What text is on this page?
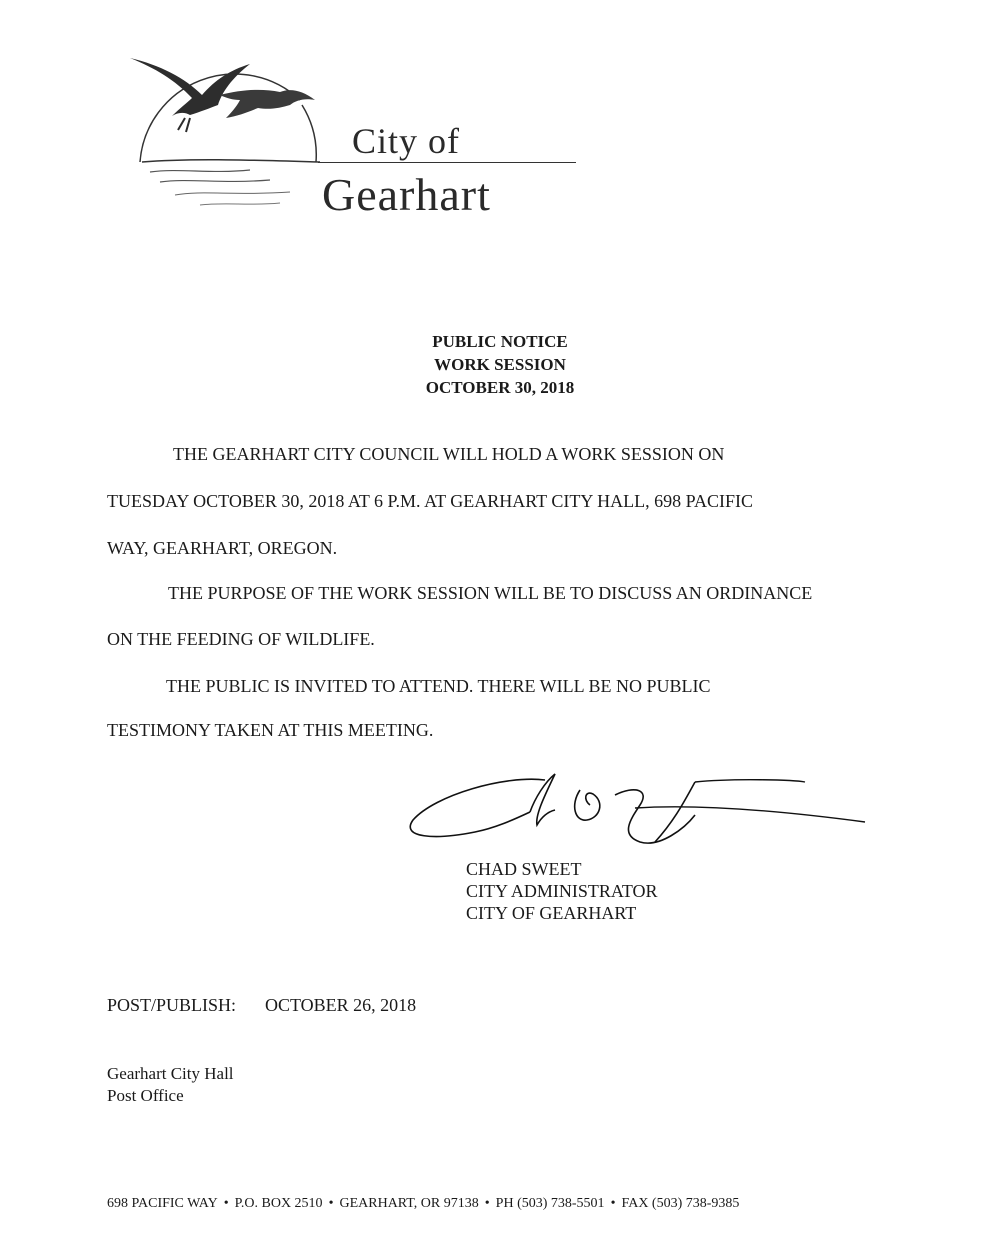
City of
Gearhart
PUBLIC NOTICE
WORK SESSION
OCTOBER 30, 2018
THE GEARHART CITY COUNCIL WILL HOLD A WORK SESSION ON
TUESDAY OCTOBER 30, 2018 AT 6 P.M. AT GEARHART CITY HALL, 698 PACIFIC
WAY, GEARHART, OREGON.
THE PURPOSE OF THE WORK SESSION WILL BE TO DISCUSS AN ORDINANCE
ON THE FEEDING OF WILDLIFE.
THE PUBLIC IS INVITED TO ATTEND. THERE WILL BE NO PUBLIC
TESTIMONY TAKEN AT THIS MEETING.
CHAD SWEET
CITY ADMINISTRATOR
CITY OF GEARHART
POST/PUBLISH: OCTOBER 26, 2018
Gearhart City Hall
Post Office
698 PACIFIC WAY • P.O. BOX 2510 • GEARHART, OR 97138 • PH (503) 738-5501 • FAX (503) 738-9385
